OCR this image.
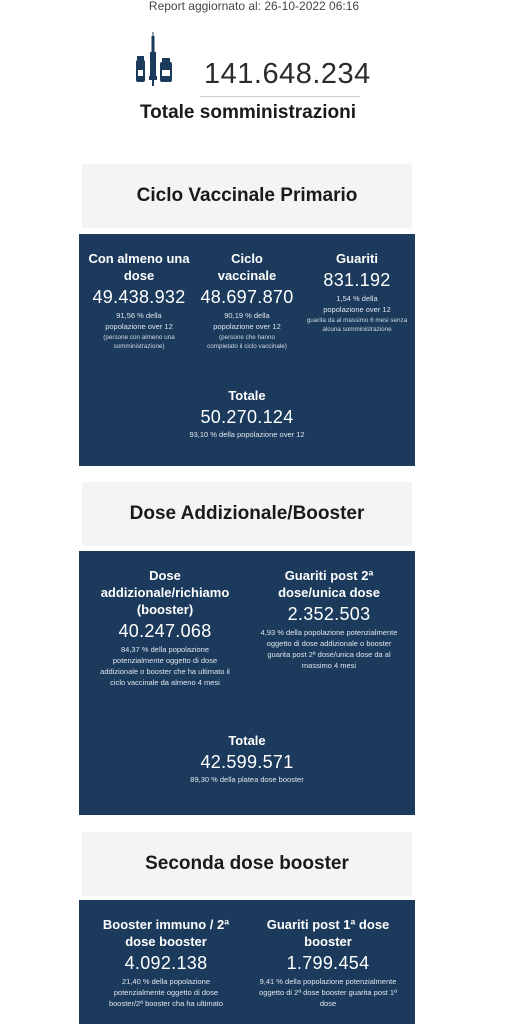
Report aggiornato al: 26-10-2022 06:16
141.648.234
Totale somministrazioni
Ciclo Vaccinale Primario
Con almeno una dose
49.438.932
91,56 % della popolazione over 12
(persone con almeno una somministrazione)
Ciclo vaccinale
48.697.870
90,19 % della popolazione over 12
(persone che hanno completato il ciclo vaccinale)
Guariti
831.192
1,54 % della popolazione over 12
guarita da al massimo 6 mesi senza alcuna somministrazione
Totale
50.270.124
93,10 % della popolazione over 12
Dose Addizionale/Booster
Dose addizionale/richiamo (booster)
40.247.068
84,37 % della popolazione potenzialmente oggetto di dose addizionale o booster che ha ultimato il ciclo vaccinale da almeno 4 mesi
Guariti post 2ª dose/unica dose
2.352.503
4,93 % della popolazione potenzialmente oggetto di dose addizionale o booster guarita post 2ª dose/unica dose da al massimo 4 mesi
Totale
42.599.571
89,30 % della platea dose booster
Seconda dose booster
Booster immuno / 2ª dose booster
4.092.138
21,40 % della popolazione potenzialmente oggetto di dose booster/2ª booster cha ha ultimato
Guariti post 1ª dose booster
1.799.454
9,41 % della popolazione potenzialmente oggetto di 2ª dose booster guarita post 1ª dose
